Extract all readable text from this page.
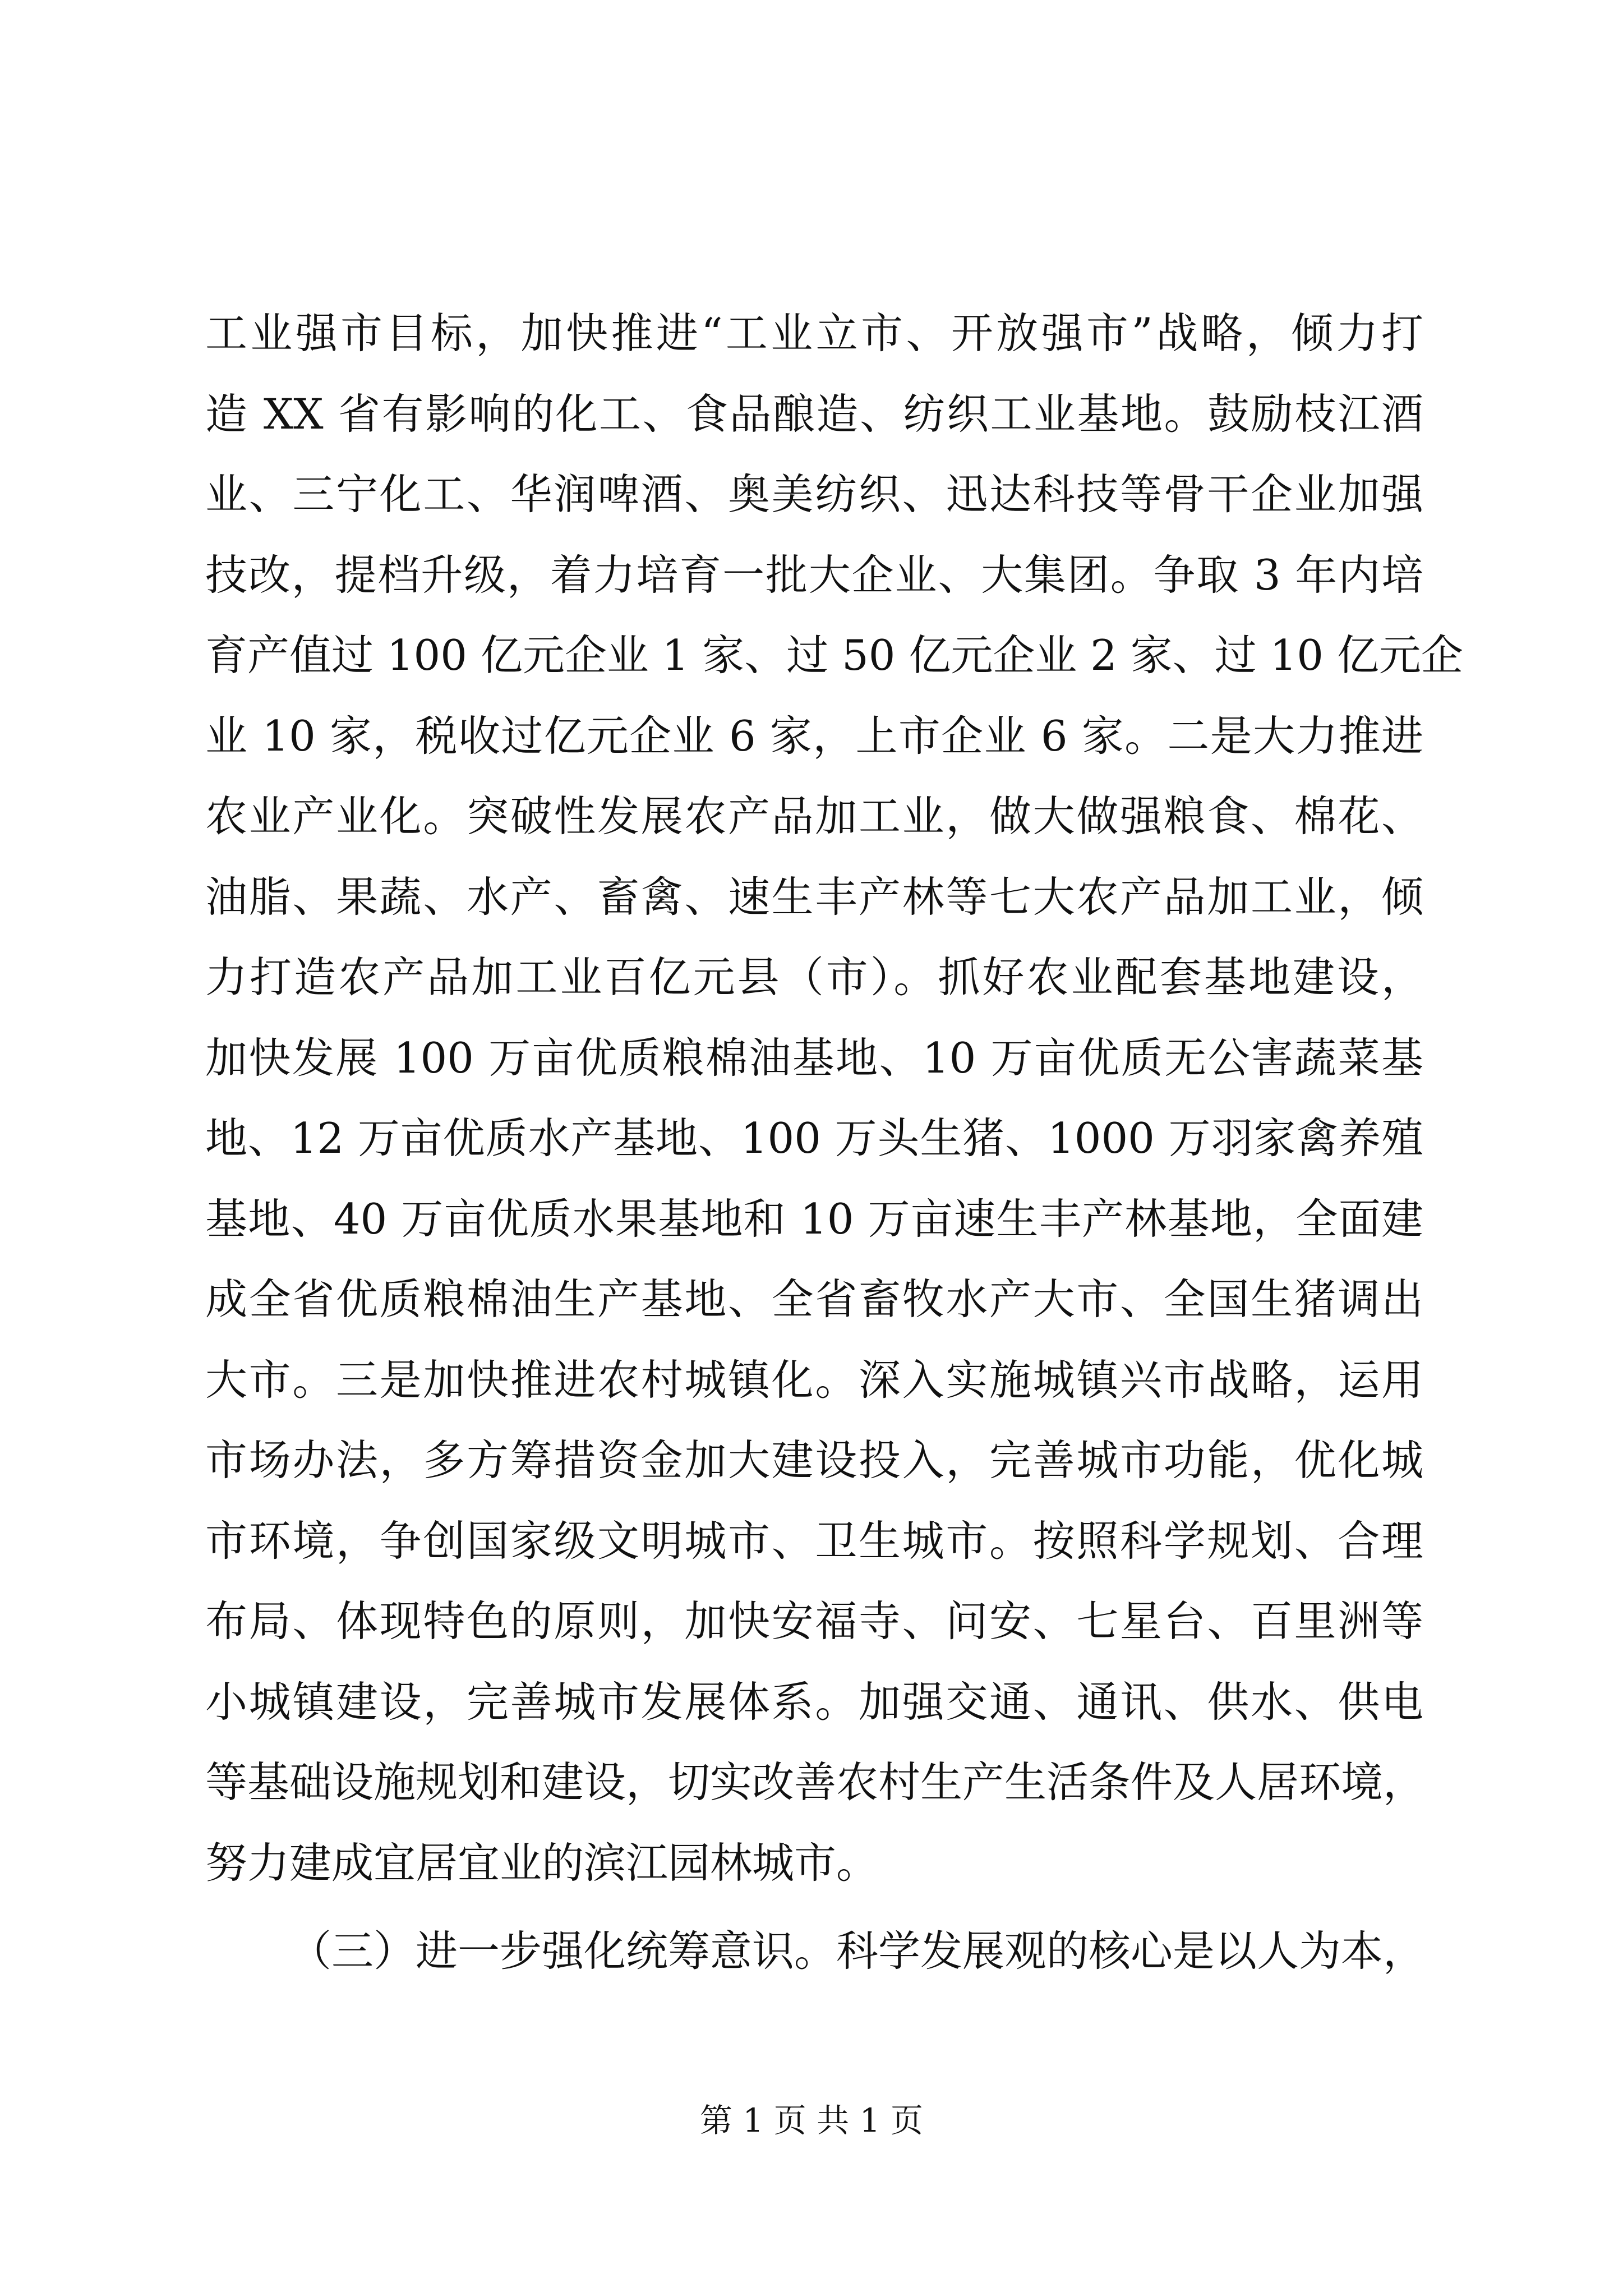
工业强市目标，加快推进“工业立市、开放强市”战略，倾力打
造 XX 省有影响的化工、食品酿造、纺织工业基地。鼓励枝江酒
业、三宁化工、华润啤酒、奥美纺织、迅达科技等骨干企业加强
技改，提档升级，着力培育一批大企业、大集团。争取 3 年内培
育产值过 100 亿元企业 1 家、过 50 亿元企业 2 家、过 10 亿元企
业 10 家，税收过亿元企业 6 家，上市企业 6 家。二是大力推进
农业产业化。突破性发展农产品加工业，做大做强粮食、棉花、
油脂、果蔬、水产、畜禽、速生丰产林等七大农产品加工业，倾
力打造农产品加工业百亿元县（市）。抓好农业配套基地建设，
加快发展 100 万亩优质粮棉油基地、10 万亩优质无公害蔬菜基
地、12 万亩优质水产基地、100 万头生猪、1000 万羽家禽养殖
基地、40 万亩优质水果基地和 10 万亩速生丰产林基地，全面建
成全省优质粮棉油生产基地、全省畜牧水产大市、全国生猪调出
大市。三是加快推进农村城镇化。深入实施城镇兴市战略，运用
市场办法，多方筹措资金加大建设投入，完善城市功能，优化城
市环境，争创国家级文明城市、卫生城市。按照科学规划、合理
布局、体现特色的原则，加快安福寺、问安、七星台、百里洲等
小城镇建设，完善城市发展体系。加强交通、通讯、供水、供电
等基础设施规划和建设，切实改善农村生产生活条件及人居环境，
努力建成宜居宜业的滨江园林城市。
（三）进一步强化统筹意识。科学发展观的核心是以人为本，
第 1 页 共 1 页
